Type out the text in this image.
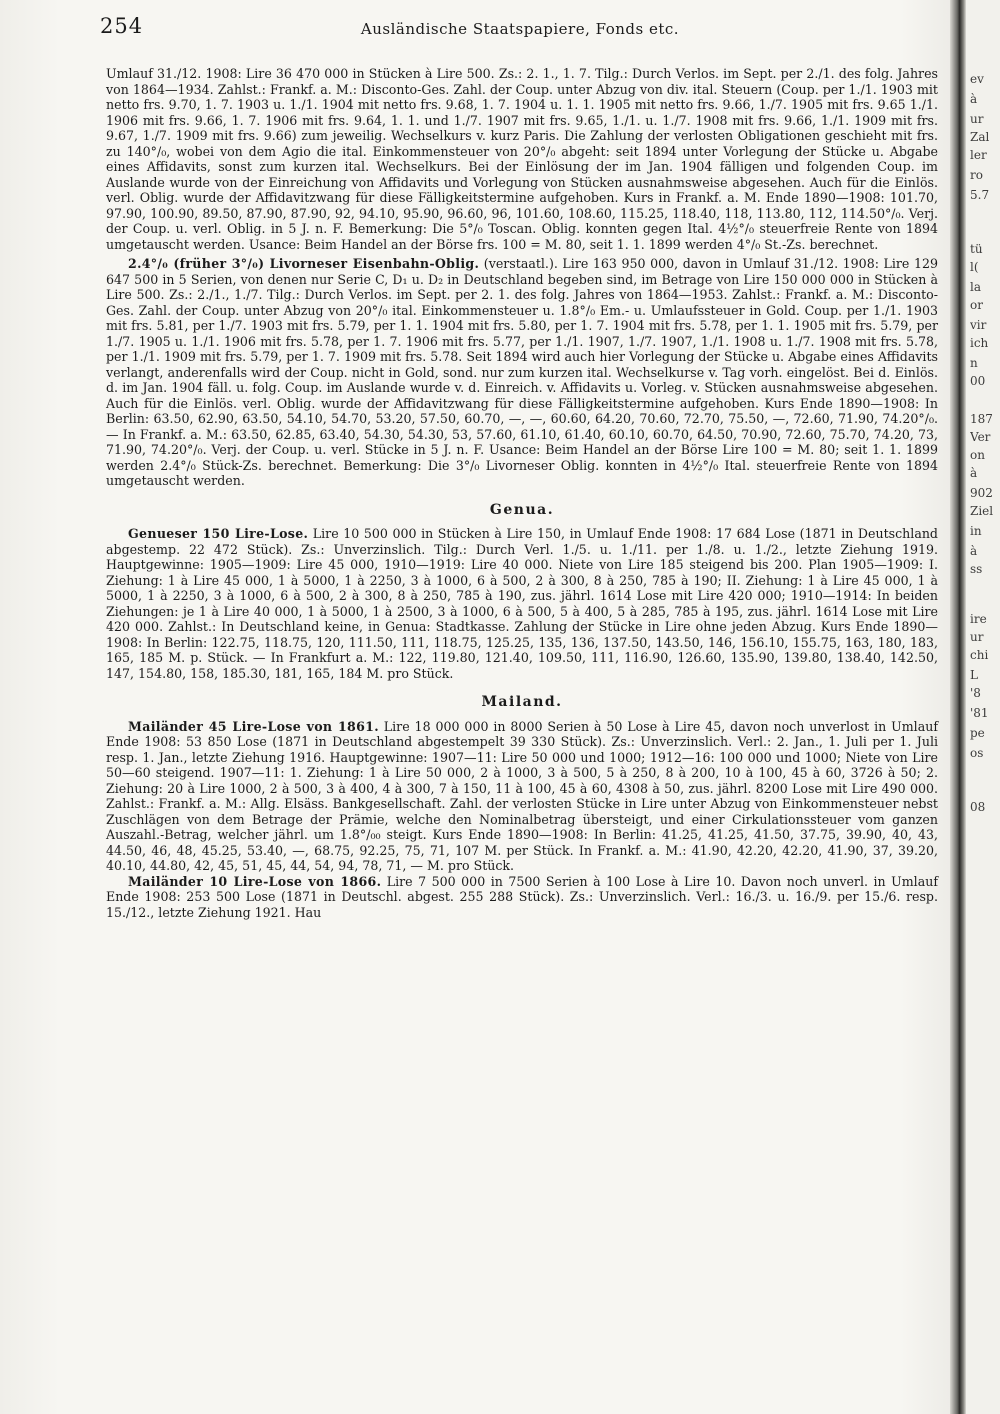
254	Ausländische Staatspapiere, Fonds etc.

Umlauf 31./12. 1908: Lire 36 470 000 in Stücken à Lire 500. Zs.: 2. 1., 1. 7. Tilg.: Durch Verlos. im Sept. per 2./1. des folg. Jahres von 1864—1934. Zahlst.: Frankf. a. M.: Disconto-Ges. Zahl. der Coup. unter Abzug von div. ital. Steuern (Coup. per 1./1. 1903 mit netto frs. 9.70, 1. 7. 1903 u. 1./1. 1904 mit netto frs. 9.68, 1. 7. 1904 u. 1. 1. 1905 mit netto frs. 9.66, 1./7. 1905 mit frs. 9.65 1./1. 1906 mit frs. 9.66, 1. 7. 1906 mit frs. 9.64, 1. 1. und 1./7. 1907 mit frs. 9.65, 1./1. u. 1./7. 1908 mit frs. 9.66, 1./1. 1909 mit frs. 9.67, 1./7. 1909 mit frs. 9.66) zum jeweilig. Wechselkurs v. kurz Paris. Die Zahlung der verlosten Obligationen geschieht mit frs. zu 140°/₀, wobei von dem Agio die ital. Einkommensteuer von 20°/₀ abgeht: seit 1894 unter Vorlegung der Stücke u. Abgabe eines Affidavits, sonst zum kurzen ital. Wechselkurs. Bei der Einlösung der im Jan. 1904 fälligen und folgenden Coup. im Auslande wurde von der Einreichung von Affidavits und Vorlegung von Stücken ausnahmsweise abgesehen. Auch für die Einlös. verl. Oblig. wurde der Affidavitzwang für diese Fälligkeitstermine aufgehoben. Kurs in Frankf. a. M. Ende 1890—1908: 101.70, 97.90, 100.90, 89.50, 87.90, 87.90, 92, 94.10, 95.90, 96.60, 96, 101.60, 108.60, 115.25, 118.40, 118, 113.80, 112, 114.50°/₀. Verj. der Coup. u. verl. Oblig. in 5 J. n. F. Bemerkung: Die 5°/₀ Toscan. Oblig. konnten gegen Ital. 4½°/₀ steuerfreie Rente von 1894 umgetauscht werden. Usance: Beim Handel an der Börse frs. 100 = M. 80, seit 1. 1. 1899 werden 4°/₀ St.-Zs. berechnet.

2.4°/₀ (früher 3°/₀) Livorneser Eisenbahn-Oblig. (verstaatl.). Lire 163 950 000, davon in Umlauf 31./12. 1908: Lire 129 647 500 in 5 Serien, von denen nur Serie C, D₁ u. D₂ in Deutschland begeben sind, im Betrage von Lire 150 000 000 in Stücken à Lire 500. Zs.: 2./1., 1./7. Tilg.: Durch Verlos. im Sept. per 2. 1. des folg. Jahres von 1864—1953. Zahlst.: Frankf. a. M.: Disconto-Ges. Zahl. der Coup. unter Abzug von 20°/₀ ital. Einkommensteuer u. 1.8°/₀ Em.- u. Umlaufssteuer in Gold. Coup. per 1./1. 1903 mit frs. 5.81, per 1./7. 1903 mit frs. 5.79, per 1. 1. 1904 mit frs. 5.80, per 1. 7. 1904 mit frs. 5.78, per 1. 1. 1905 mit frs. 5.79, per 1./7. 1905 u. 1./1. 1906 mit frs. 5.78, per 1. 7. 1906 mit frs. 5.77, per 1./1. 1907, 1./7. 1907, 1./1. 1908 u. 1./7. 1908 mit frs. 5.78, per 1./1. 1909 mit frs. 5.79, per 1. 7. 1909 mit frs. 5.78. Seit 1894 wird auch hier Vorlegung der Stücke u. Abgabe eines Affidavits verlangt, anderenfalls wird der Coup. nicht in Gold, sond. nur zum kurzen ital. Wechselkurse v. Tag vorh. eingelöst. Bei d. Einlös. d. im Jan. 1904 fäll. u. folg. Coup. im Auslande wurde v. d. Einreich. v. Affidavits u. Vorleg. v. Stücken ausnahmsweise abgesehen. Auch für die Einlös. verl. Oblig. wurde der Affidavitzwang für diese Fälligkeitstermine aufgehoben. Kurs Ende 1890—1908: In Berlin: 63.50, 62.90, 63.50, 54.10, 54.70, 53.20, 57.50, 60.70, —, —, 60.60, 64.20, 70.60, 72.70, 75.50, —, 72.60, 71.90, 74.20°/₀. — In Frankf. a. M.: 63.50, 62.85, 63.40, 54.30, 54.30, 53, 57.60, 61.10, 61.40, 60.10, 60.70, 64.50, 70.90, 72.60, 75.70, 74.20, 73, 71.90, 74.20°/₀. Verj. der Coup. u. verl. Stücke in 5 J. n. F. Usance: Beim Handel an der Börse Lire 100 = M. 80; seit 1. 1. 1899 werden 2.4°/₀ Stück-Zs. berechnet. Bemerkung: Die 3°/₀ Livorneser Oblig. konnten in 4½°/₀ Ital. steuerfreie Rente von 1894 umgetauscht werden.

Genua.

Genueser 150 Lire-Lose. Lire 10 500 000 in Stücken à Lire 150, in Umlauf Ende 1908: 17 684 Lose (1871 in Deutschland abgestemp. 22 472 Stück). Zs.: Unverzinslich. Tilg.: Durch Verl. 1./5. u. 1./11. per 1./8. u. 1./2., letzte Ziehung 1919. Hauptgewinne: 1905—1909: Lire 45 000, 1910—1919: Lire 40 000. Niete von Lire 185 steigend bis 200. Plan 1905—1909: I. Ziehung: 1 à Lire 45 000, 1 à 5000, 1 à 2250, 3 à 1000, 6 à 500, 2 à 300, 8 à 250, 785 à 190; II. Ziehung: 1 à Lire 45 000, 1 à 5000, 1 à 2250, 3 à 1000, 6 à 500, 2 à 300, 8 à 250, 785 à 190, zus. jährl. 1614 Lose mit Lire 420 000; 1910—1914: In beiden Ziehungen: je 1 à Lire 40 000, 1 à 5000, 1 à 2500, 3 à 1000, 6 à 500, 5 à 400, 5 à 285, 785 à 195, zus. jährl. 1614 Lose mit Lire 420 000. Zahlst.: In Deutschland keine, in Genua: Stadtkasse. Zahlung der Stücke in Lire ohne jeden Abzug. Kurs Ende 1890—1908: In Berlin: 122.75, 118.75, 120, 111.50, 111, 118.75, 125.25, 135, 136, 137.50, 143.50, 146, 156.10, 155.75, 163, 180, 183, 165, 185 M. p. Stück. — In Frankfurt a. M.: 122, 119.80, 121.40, 109.50, 111, 116.90, 126.60, 135.90, 139.80, 138.40, 142.50, 147, 154.80, 158, 185.30, 181, 165, 184 M. pro Stück.

Mailand.

Mailänder 45 Lire-Lose von 1861. Lire 18 000 000 in 8000 Serien à 50 Lose à Lire 45, davon noch unverlost in Umlauf Ende 1908: 53 850 Lose (1871 in Deutschland abgestempelt 39 330 Stück). Zs.: Unverzinslich. Verl.: 2. Jan., 1. Juli per 1. Juli resp. 1. Jan., letzte Ziehung 1916. Hauptgewinne: 1907—11: Lire 50 000 und 1000; 1912—16: 100 000 und 1000; Niete von Lire 50—60 steigend. 1907—11: 1. Ziehung: 1 à Lire 50 000, 2 à 1000, 3 à 500, 5 à 250, 8 à 200, 10 à 100, 45 à 60, 3726 à 50; 2. Ziehung: 20 à Lire 1000, 2 à 500, 3 à 400, 4 à 300, 7 à 150, 11 à 100, 45 à 60, 4308 à 50, zus. jährl. 8200 Lose mit Lire 490 000. Zahlst.: Frankf. a. M.: Allg. Elsäss. Bankgesellschaft. Zahl. der verlosten Stücke in Lire unter Abzug von Einkommensteuer nebst Zuschlägen von dem Betrage der Prämie, welche den Nominalbetrag übersteigt, und einer Cirkulationssteuer vom ganzen Auszahl.-Betrag, welcher jährl. um 1.8°/₀₀ steigt. Kurs Ende 1890—1908: In Berlin: 41.25, 41.25, 41.50, 37.75, 39.90, 40, 43, 44.50, 46, 48, 45.25, 53.40, —, 68.75, 92.25, 75, 71, 107 M. per Stück. In Frankf. a. M.: 41.90, 42.20, 42.20, 41.90, 37, 39.20, 40.10, 44.80, 42, 45, 51, 45, 44, 54, 94, 78, 71, — M. pro Stück.

Mailänder 10 Lire-Lose von 1866. Lire 7 500 000 in 7500 Serien à 100 Lose à Lire 10. Davon noch unverl. in Umlauf Ende 1908: 253 500 Lose (1871 in Deutschl. abgest. 255 288 Stück). Zs.: Unverzinslich. Verl.: 16./3. u. 16./9. per 15./6. resp. 15./12., letzte Ziehung 1921. Hau

ev
à
ur
Zal
ler
ro
5.7
tü
l(
la
or
vir
ich
n
00
187
Ver
on
à
902
Ziel
in
à
ss
ire
ur
chi
L
'8
'81
pe
os
08
